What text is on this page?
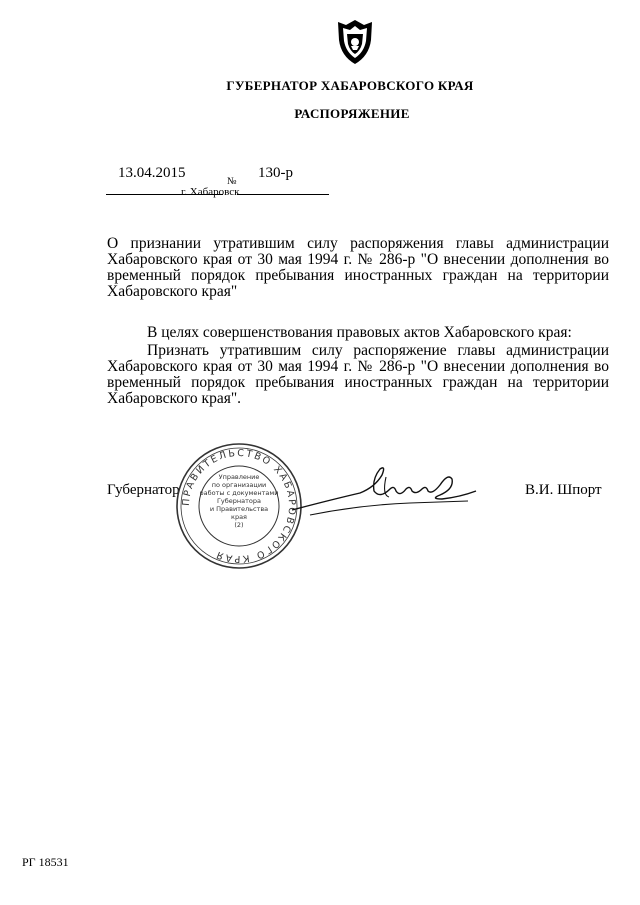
ГУБЕРНАТОР ХАБАРОВСКОГО КРАЯ
РАСПОРЯЖЕНИЕ
13.04.2015
№
130-р
г. Хабаровск
О признании утратившим силу распоряжения главы администрации Хабаровского края от 30 мая 1994 г. № 286-р "О внесении дополнения во временный порядок пребывания иностранных граждан на территории Хабаровского края"
В целях совершенствования правовых актов Хабаровского края:
Признать утратившим силу распоряжение главы администрации Хабаровского края от 30 мая 1994 г. № 286-р "О внесении дополнения во временный порядок пребывания иностранных граждан на территории Хабаровского края".
Губернатор	В.И. Шпорт
ПРАВИТЕЛЬСТВО ХАБАРОВСКОГО КРАЯ
Управление
по организации
работы с документами
Губернатора
и Правительства
края
(2)
РГ 18531
